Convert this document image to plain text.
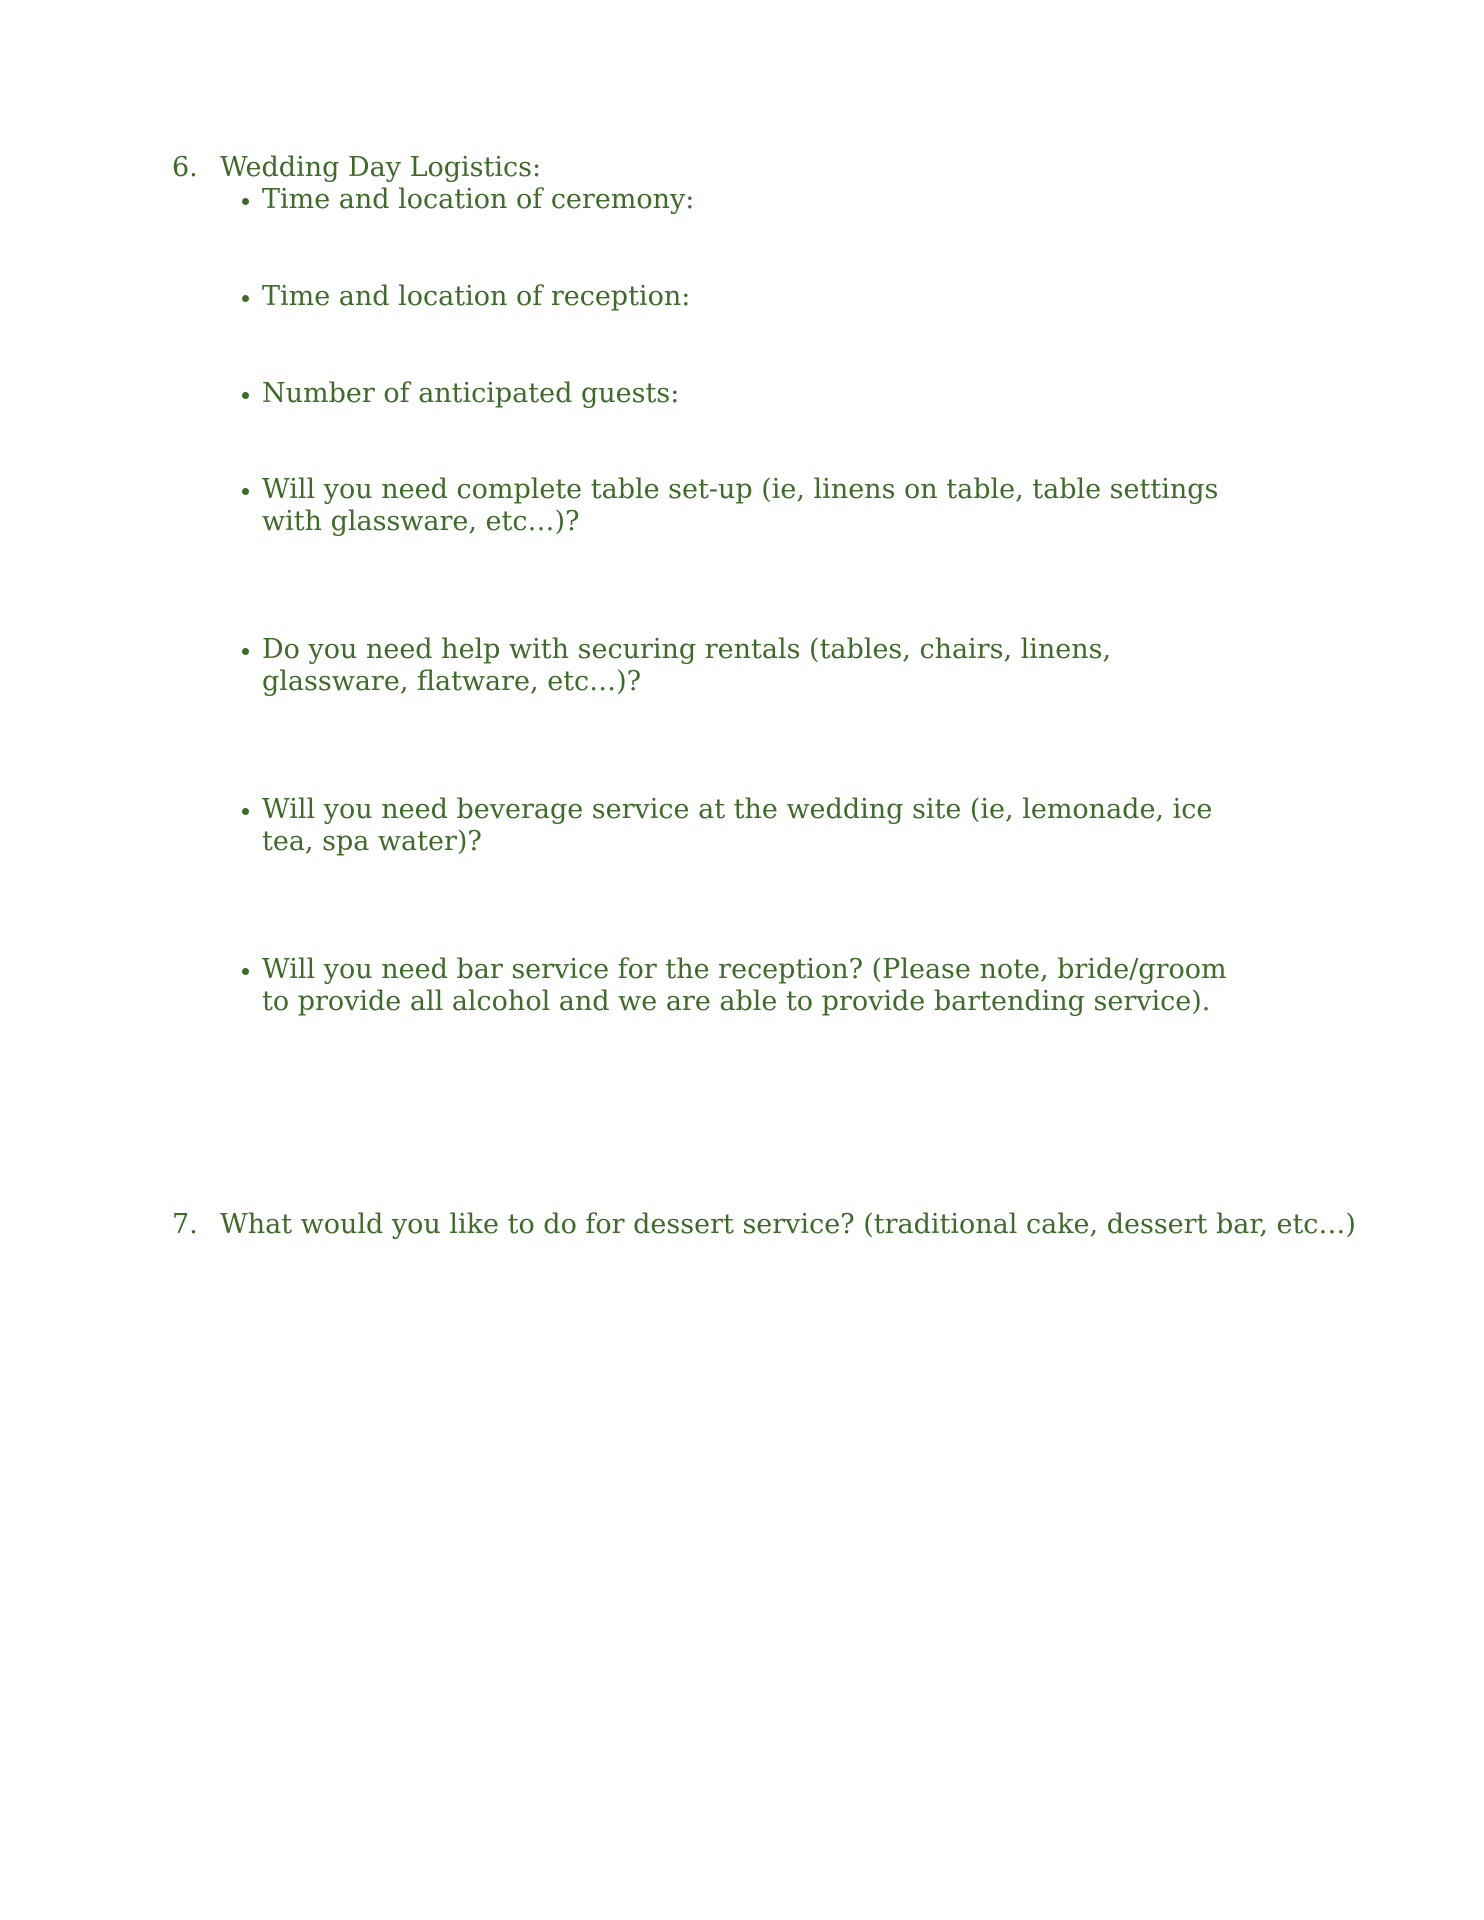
6. Wedding Day Logistics:
Time and location of ceremony:
Time and location of reception:
Number of anticipated guests:
Will you need complete table set-up (ie, linens on table, table settings with glassware, etc…)?
Do you need help with securing rentals (tables, chairs, linens, glassware, flatware, etc…)?
Will you need beverage service at the wedding site (ie, lemonade, ice tea, spa water)?
Will you need bar service for the reception? (Please note, bride/groom to provide all alcohol and we are able to provide bartending service).
7. What would you like to do for dessert service? (traditional cake, dessert bar, etc…)
